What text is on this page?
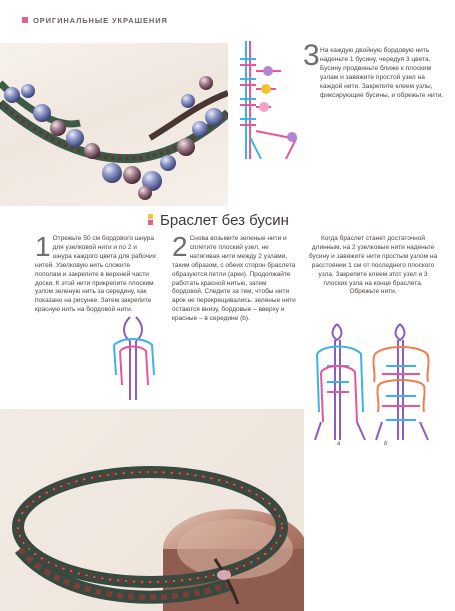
ОРИГИНАЛЬНЫЕ УКРАШЕНИЯ
3 На каждую двойную бордовую нить наденьте 1 бусину, чередуя 3 цвета. Бусину продвиньте ближе к плоским узлам и завяжите простой узел на каждой нити. Закрепите клеем узлы, фиксирующие бусины, и обрежьте нити.
Браслет без бусин
1 Отрежьте 50 см бордового шнура для узелковой нити и по 2 и шнура каждого цвета для рабочих нитей. Узелковую нить сложите пополам и закрепите в верхней части доски. К этой нити прикрепите плоским узлом зеленую нить за середину, как показано на рисунке. Затем закрепите красную нить на бордовой нити.
2 Снова возьмите зеленые нити и сплетите плоский узел, не натягивая нити между 2 узлами, таким образом, с обеих сторон браслета образуются петли (арки). Продолжайте работать красной нитью, затем бордовой. Следите за тем, чтобы нити арок не перекрещивались: зеленые нити остаются внизу, бордовые – вверху и красные – в середине (b).
Когда браслет станет достаточной длинным, на 2 узелковые нити наденьте бусину и завяжите нити простым узлом на расстоянии 1 см от последнего плоского узла. Закрепите клеем этот узел и 3 плоских узла на конце браслета. Обрежьте нити.
a	b
